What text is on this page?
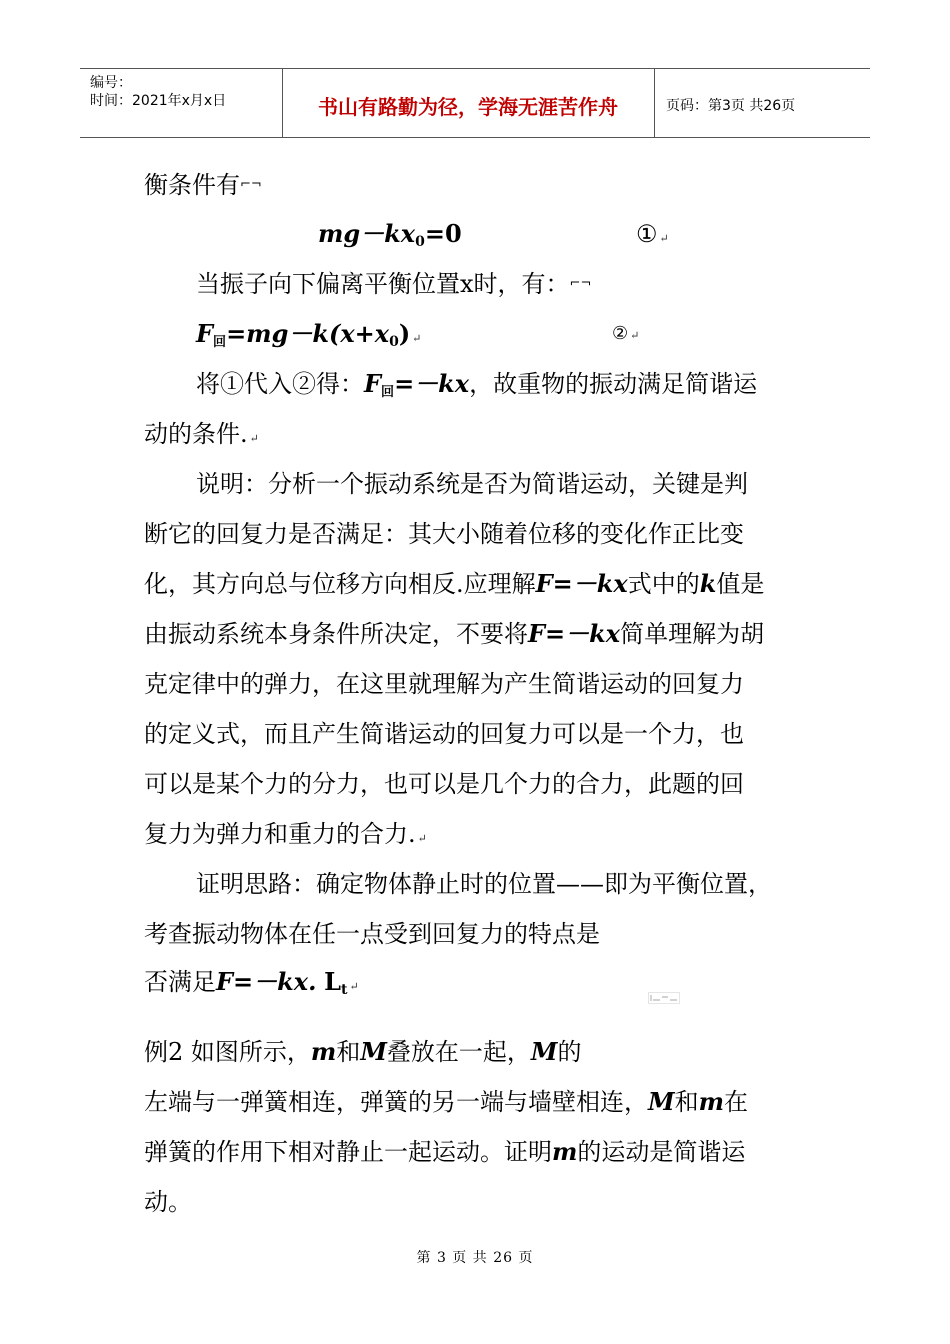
编号：
时间：2021年x月x日	书山有路勤为径，学海无涯苦作舟	页码：第3页 共26页
衡条件有⌐¬
$mg-kx_0=0$	① ↵
当振子向下偏离平衡位置x时，有：⌐¬
$F_回=mg-k(x+x_0)$ ↵	② ↵
将①代入②得：$F_回=-kx$，故重物的振动满足简谐运
动的条件. ↵
说明：分析一个振动系统是否为简谐运动，关键是判
断它的回复力是否满足：其大小随着位移的变化作正比变
化，其方向总与位移方向相反.应理解F=－kx式中的k值是
由振动系统本身条件所决定，不要将F=－kx简单理解为胡
克定律中的弹力，在这里就理解为产生简谐运动的回复力
的定义式，而且产生简谐运动的回复力可以是一个力，也
可以是某个力的分力，也可以是几个力的合力，此题的回
复力为弹力和重力的合力. ↵
证明思路：确定物体静止时的位置——即为平衡位置，
考查振动物体在任一点受到回复力的特点是
否满足F=－kx. $L_t$ ↵
例2 如图所示，m和M叠放在一起，M的
左端与一弹簧相连，弹簧的另一端与墙壁相连，M和m在
弹簧的作用下相对静止一起运动。证明m的运动是简谐运
动。
第 3 页 共 26 页
